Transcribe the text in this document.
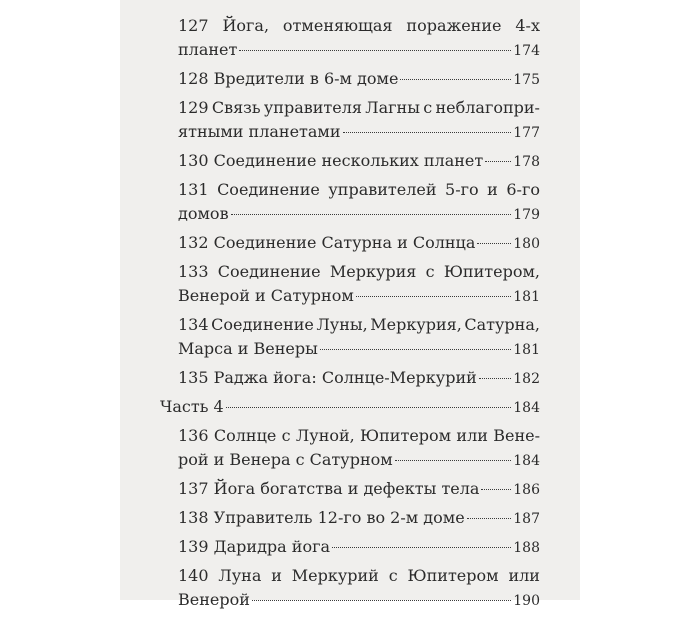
127 Йога, отменяющая поражение 4-х
планет	174
128 Вредители в 6-м доме	175
129 Связь управителя Лагны с неблагопри-
ятными планетами	177
130 Соединение нескольких планет 178
131 Соединение управителей 5-го и 6-го
домов	179
132 Соединение Сатурна и Солнца	180
133 Соединение Меркурия с Юпитером,
Венерой и Сатурном	181
134 Соединение Луны, Меркурия, Сатурна,
Марса и Венеры	181
135 Раджа йога: Солнце-Меркурий	182
Часть 4	184
136 Солнце с Луной, Юпитером или Вене-
рой и Венера с Сатурном	184
137 Йога богатства и дефекты тела 186
138 Управитель 12-го во 2-м доме	187
139 Даридра йога	188
140 Луна и Меркурий с Юпитером или
Венерой	190
